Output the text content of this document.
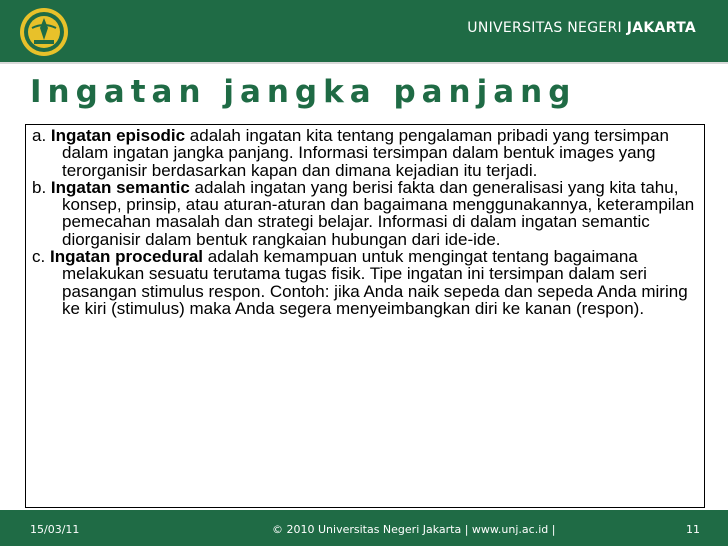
UNIVERSITAS NEGERI JAKARTA
Ingatan jangka panjang

a. Ingatan episodic adalah ingatan kita tentang pengalaman pribadi yang tersimpan dalam ingatan jangka panjang. Informasi tersimpan dalam bentuk images yang terorganisir berdasarkan kapan dan dimana kejadian itu terjadi.

b. Ingatan semantic adalah ingatan yang berisi fakta dan generalisasi yang kita tahu, konsep, prinsip, atau aturan-aturan dan bagaimana menggunakannya, keterampilan pemecahan masalah dan strategi belajar. Informasi di dalam ingatan semantic diorganisir dalam bentuk rangkaian hubungan dari ide-ide.

c. Ingatan procedural adalah kemampuan untuk mengingat tentang bagaimana melakukan sesuatu terutama tugas fisik. Tipe ingatan ini tersimpan dalam seri pasangan stimulus respon. Contoh: jika Anda naik sepeda dan sepeda Anda miring ke kiri (stimulus) maka Anda segera menyeimbangkan diri ke kanan (respon).

15/03/11	© 2010 Universitas Negeri Jakarta | www.unj.ac.id |	11
